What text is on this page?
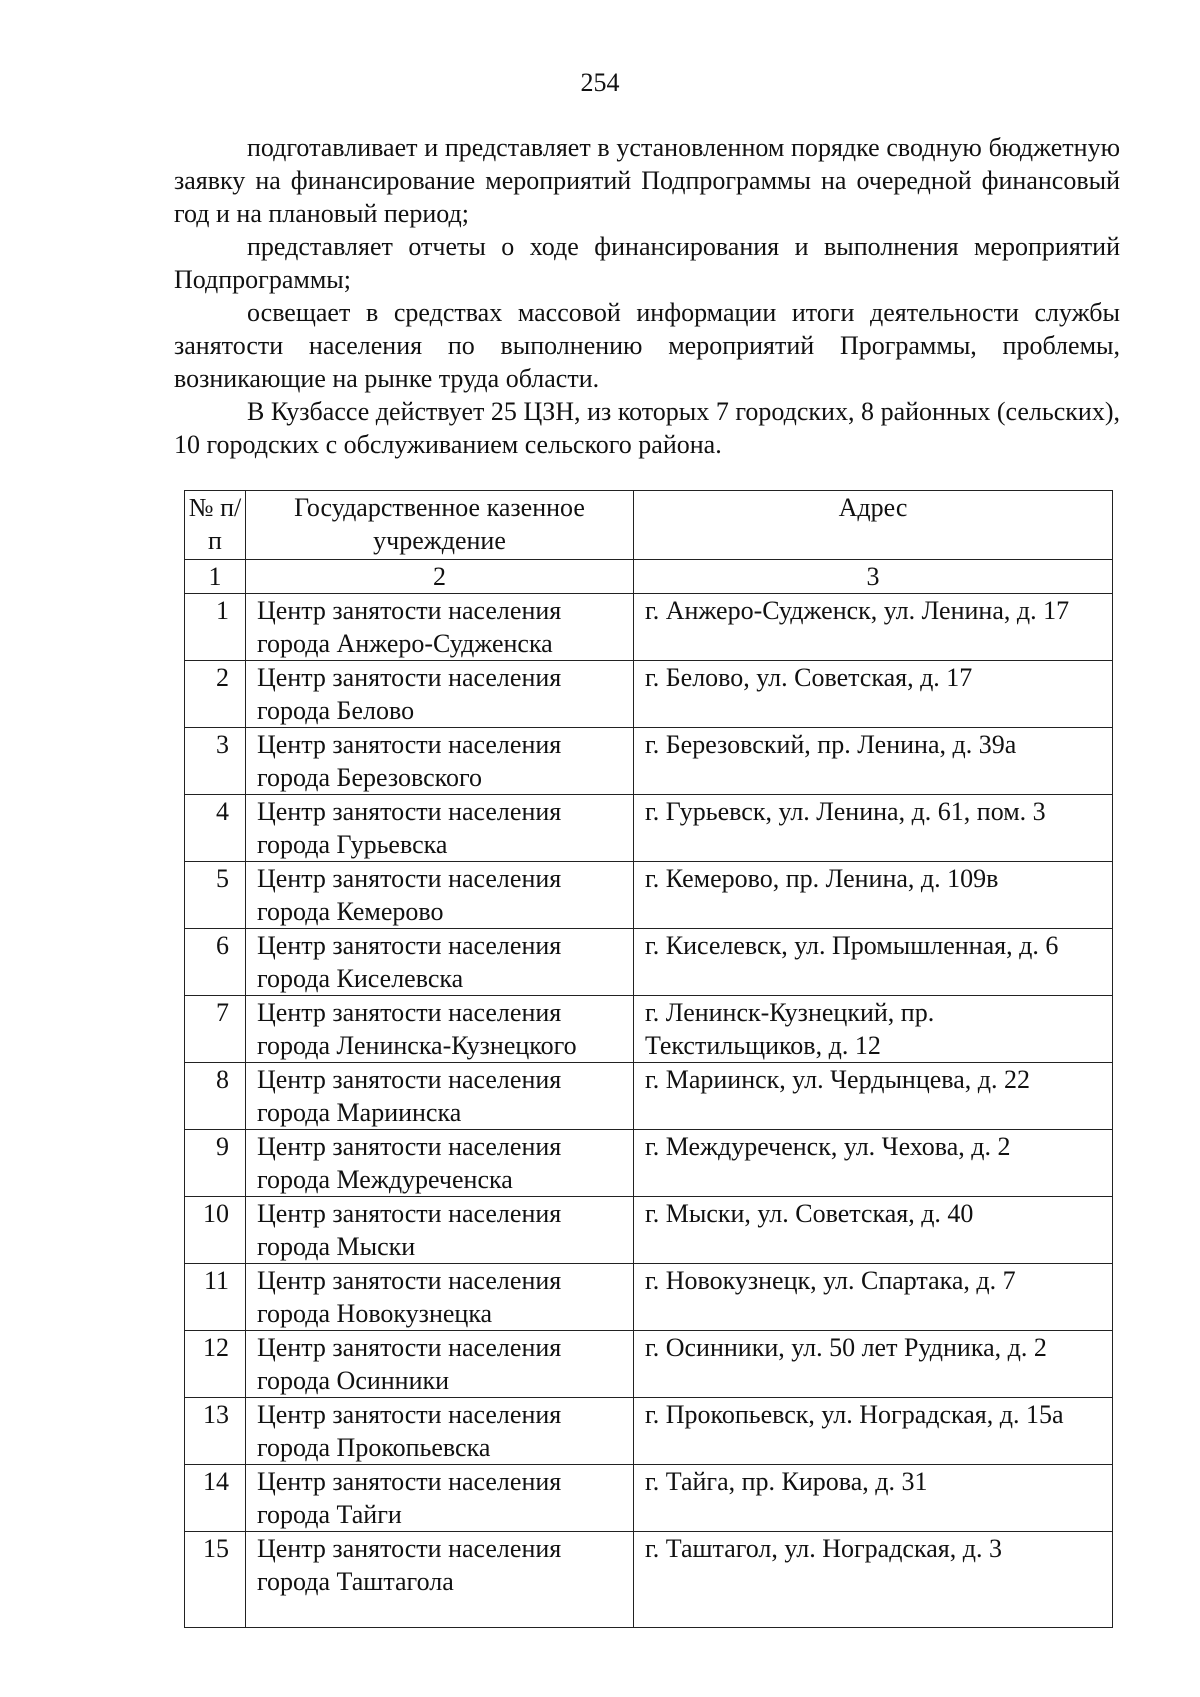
254

подготавливает и представляет в установленном порядке сводную бюджетную заявку на финансирование мероприятий Подпрограммы на очередной финансовый год и на плановый период;

представляет отчеты о ходе финансирования и выполнения мероприятий Подпрограммы;

освещает в средствах массовой информации итоги деятельности службы занятости населения по выполнению мероприятий Программы, проблемы, возникающие на рынке труда области.

В Кузбассе действует 25 ЦЗН, из которых 7 городских, 8 районных (сельских), 10 городских с обслуживанием сельского района.

№ п/п	Государственное казенное учреждение	Адрес
1	2	3
1	Центр занятости населения города Анжеро-Судженска	г. Анжеро-Судженск, ул. Ленина, д. 17
2	Центр занятости населения города Белово	г. Белово, ул. Советская, д. 17
3	Центр занятости населения города Березовского	г. Березовский, пр. Ленина, д. 39а
4	Центр занятости населения города Гурьевска	г. Гурьевск, ул. Ленина, д. 61, пом. 3
5	Центр занятости населения города Кемерово	г. Кемерово, пр. Ленина, д. 109в
6	Центр занятости населения города Киселевска	г. Киселевск, ул. Промышленная, д. 6
7	Центр занятости населения города Ленинска-Кузнецкого	г. Ленинск-Кузнецкий, пр. Текстильщиков, д. 12
8	Центр занятости населения города Мариинска	г. Мариинск, ул. Чердынцева, д. 22
9	Центр занятости населения города Междуреченска	г. Междуреченск, ул. Чехова, д. 2
10	Центр занятости населения города Мыски	г. Мыски, ул. Советская, д. 40
11	Центр занятости населения города Новокузнецка	г. Новокузнецк, ул. Спартака, д. 7
12	Центр занятости населения города Осинники	г. Осинники, ул. 50 лет Рудника, д. 2
13	Центр занятости населения города Прокопьевска	г. Прокопьевск, ул. Ноградская, д. 15а
14	Центр занятости населения города Тайги	г. Тайга, пр. Кирова, д. 31
15	Центр занятости населения города Таштагола	г. Таштагол, ул. Ноградская, д. 3
